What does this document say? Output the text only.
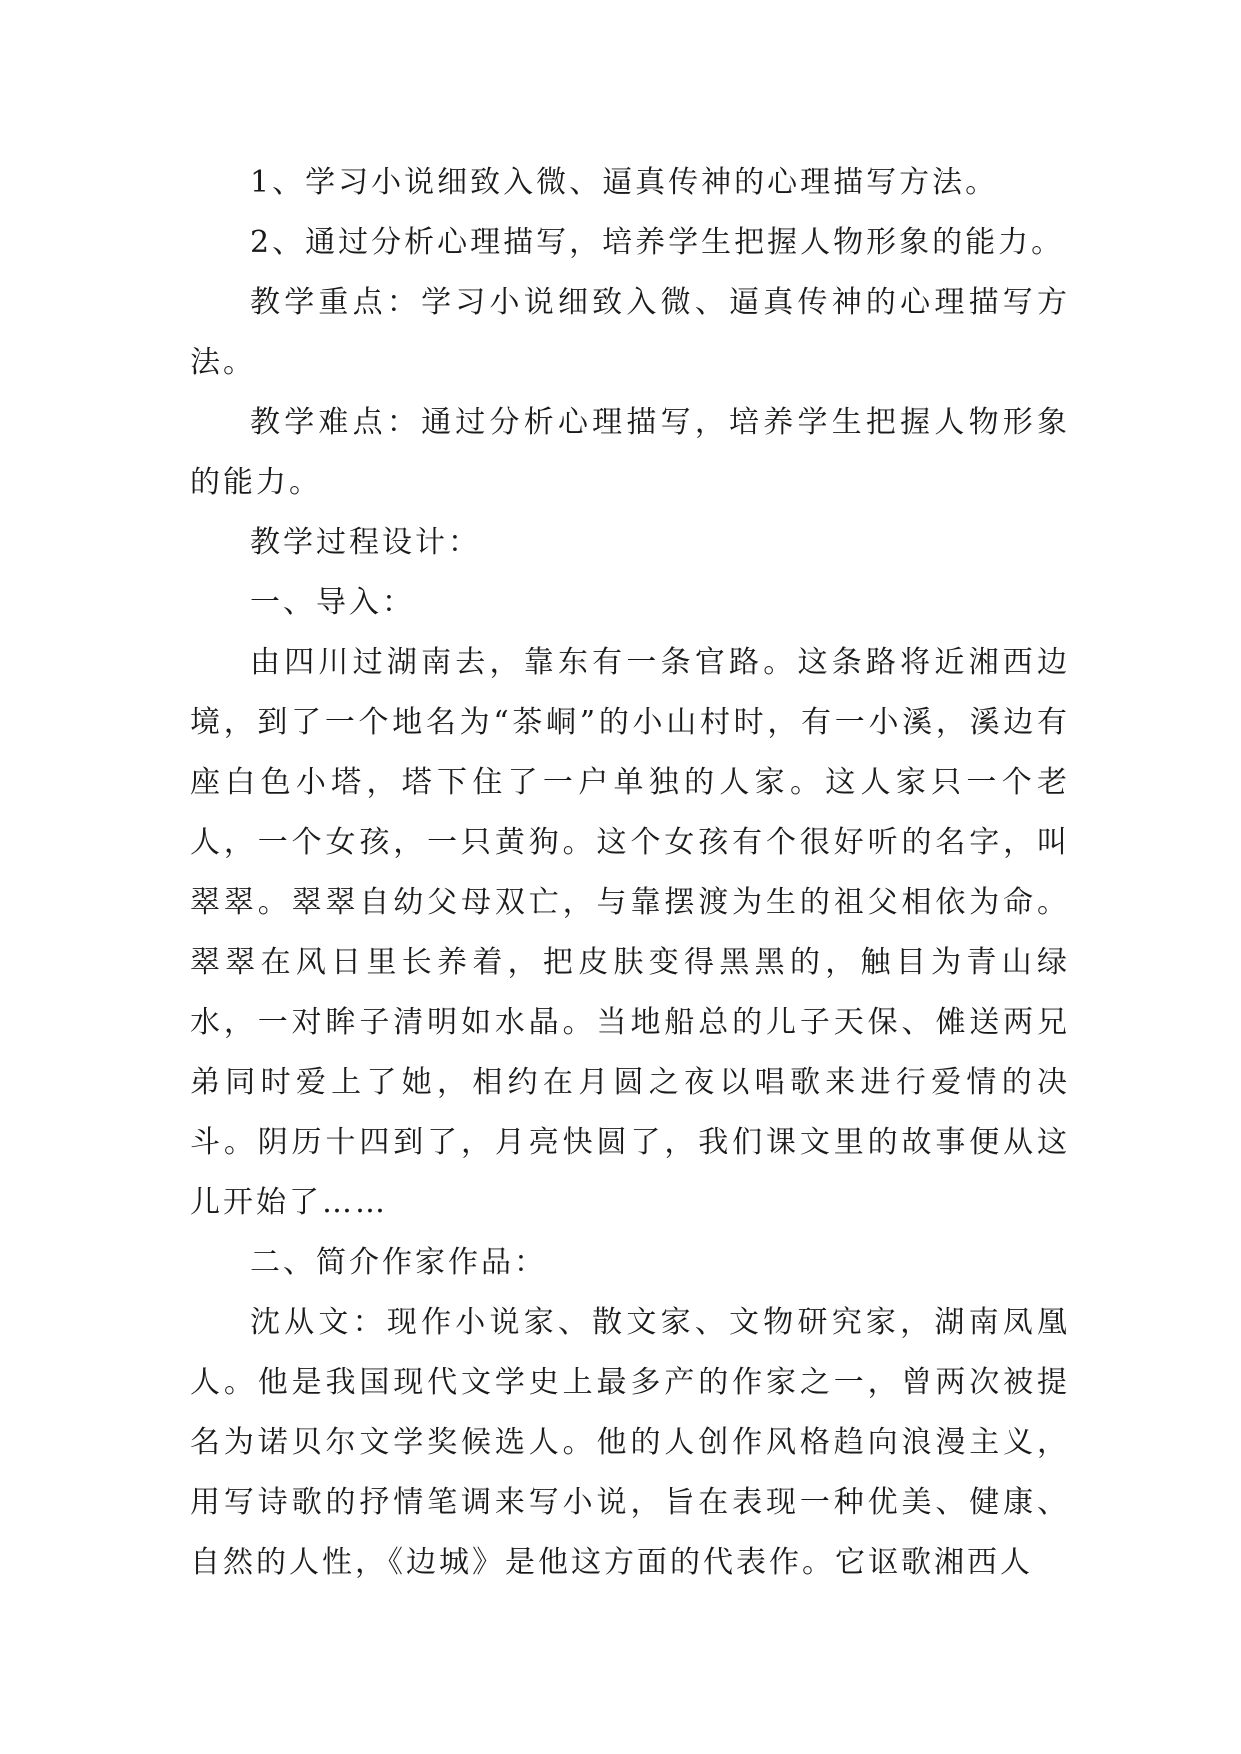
1、学习小说细致入微、逼真传神的心理描写方法。

2、通过分析心理描写，培养学生把握人物形象的能力。

教学重点：学习小说细致入微、逼真传神的心理描写方法。

教学难点：通过分析心理描写，培养学生把握人物形象的能力。

教学过程设计：

一、导入：

由四川过湖南去，靠东有一条官路。这条路将近湘西边境，到了一个地名为“茶峒”的小山村时，有一小溪，溪边有座白色小塔，塔下住了一户单独的人家。这人家只一个老人，一个女孩，一只黄狗。这个女孩有个很好听的名字，叫翠翠。翠翠自幼父母双亡，与靠摆渡为生的祖父相依为命。翠翠在风日里长养着，把皮肤变得黑黑的，触目为青山绿水，一对眸子清明如水晶。当地船总的儿子天保、傩送两兄弟同时爱上了她，相约在月圆之夜以唱歌来进行爱情的决斗。阴历十四到了，月亮快圆了，我们课文里的故事便从这儿开始了……

二、简介作家作品：

沈从文：现作小说家、散文家、文物研究家，湖南凤凰人。他是我国现代文学史上最多产的作家之一，曾两次被提名为诺贝尔文学奖候选人。他的人创作风格趋向浪漫主义，用写诗歌的抒情笔调来写小说，旨在表现一种优美、健康、自然的人性，《边城》是他这方面的代表作。它讴歌湘西人
